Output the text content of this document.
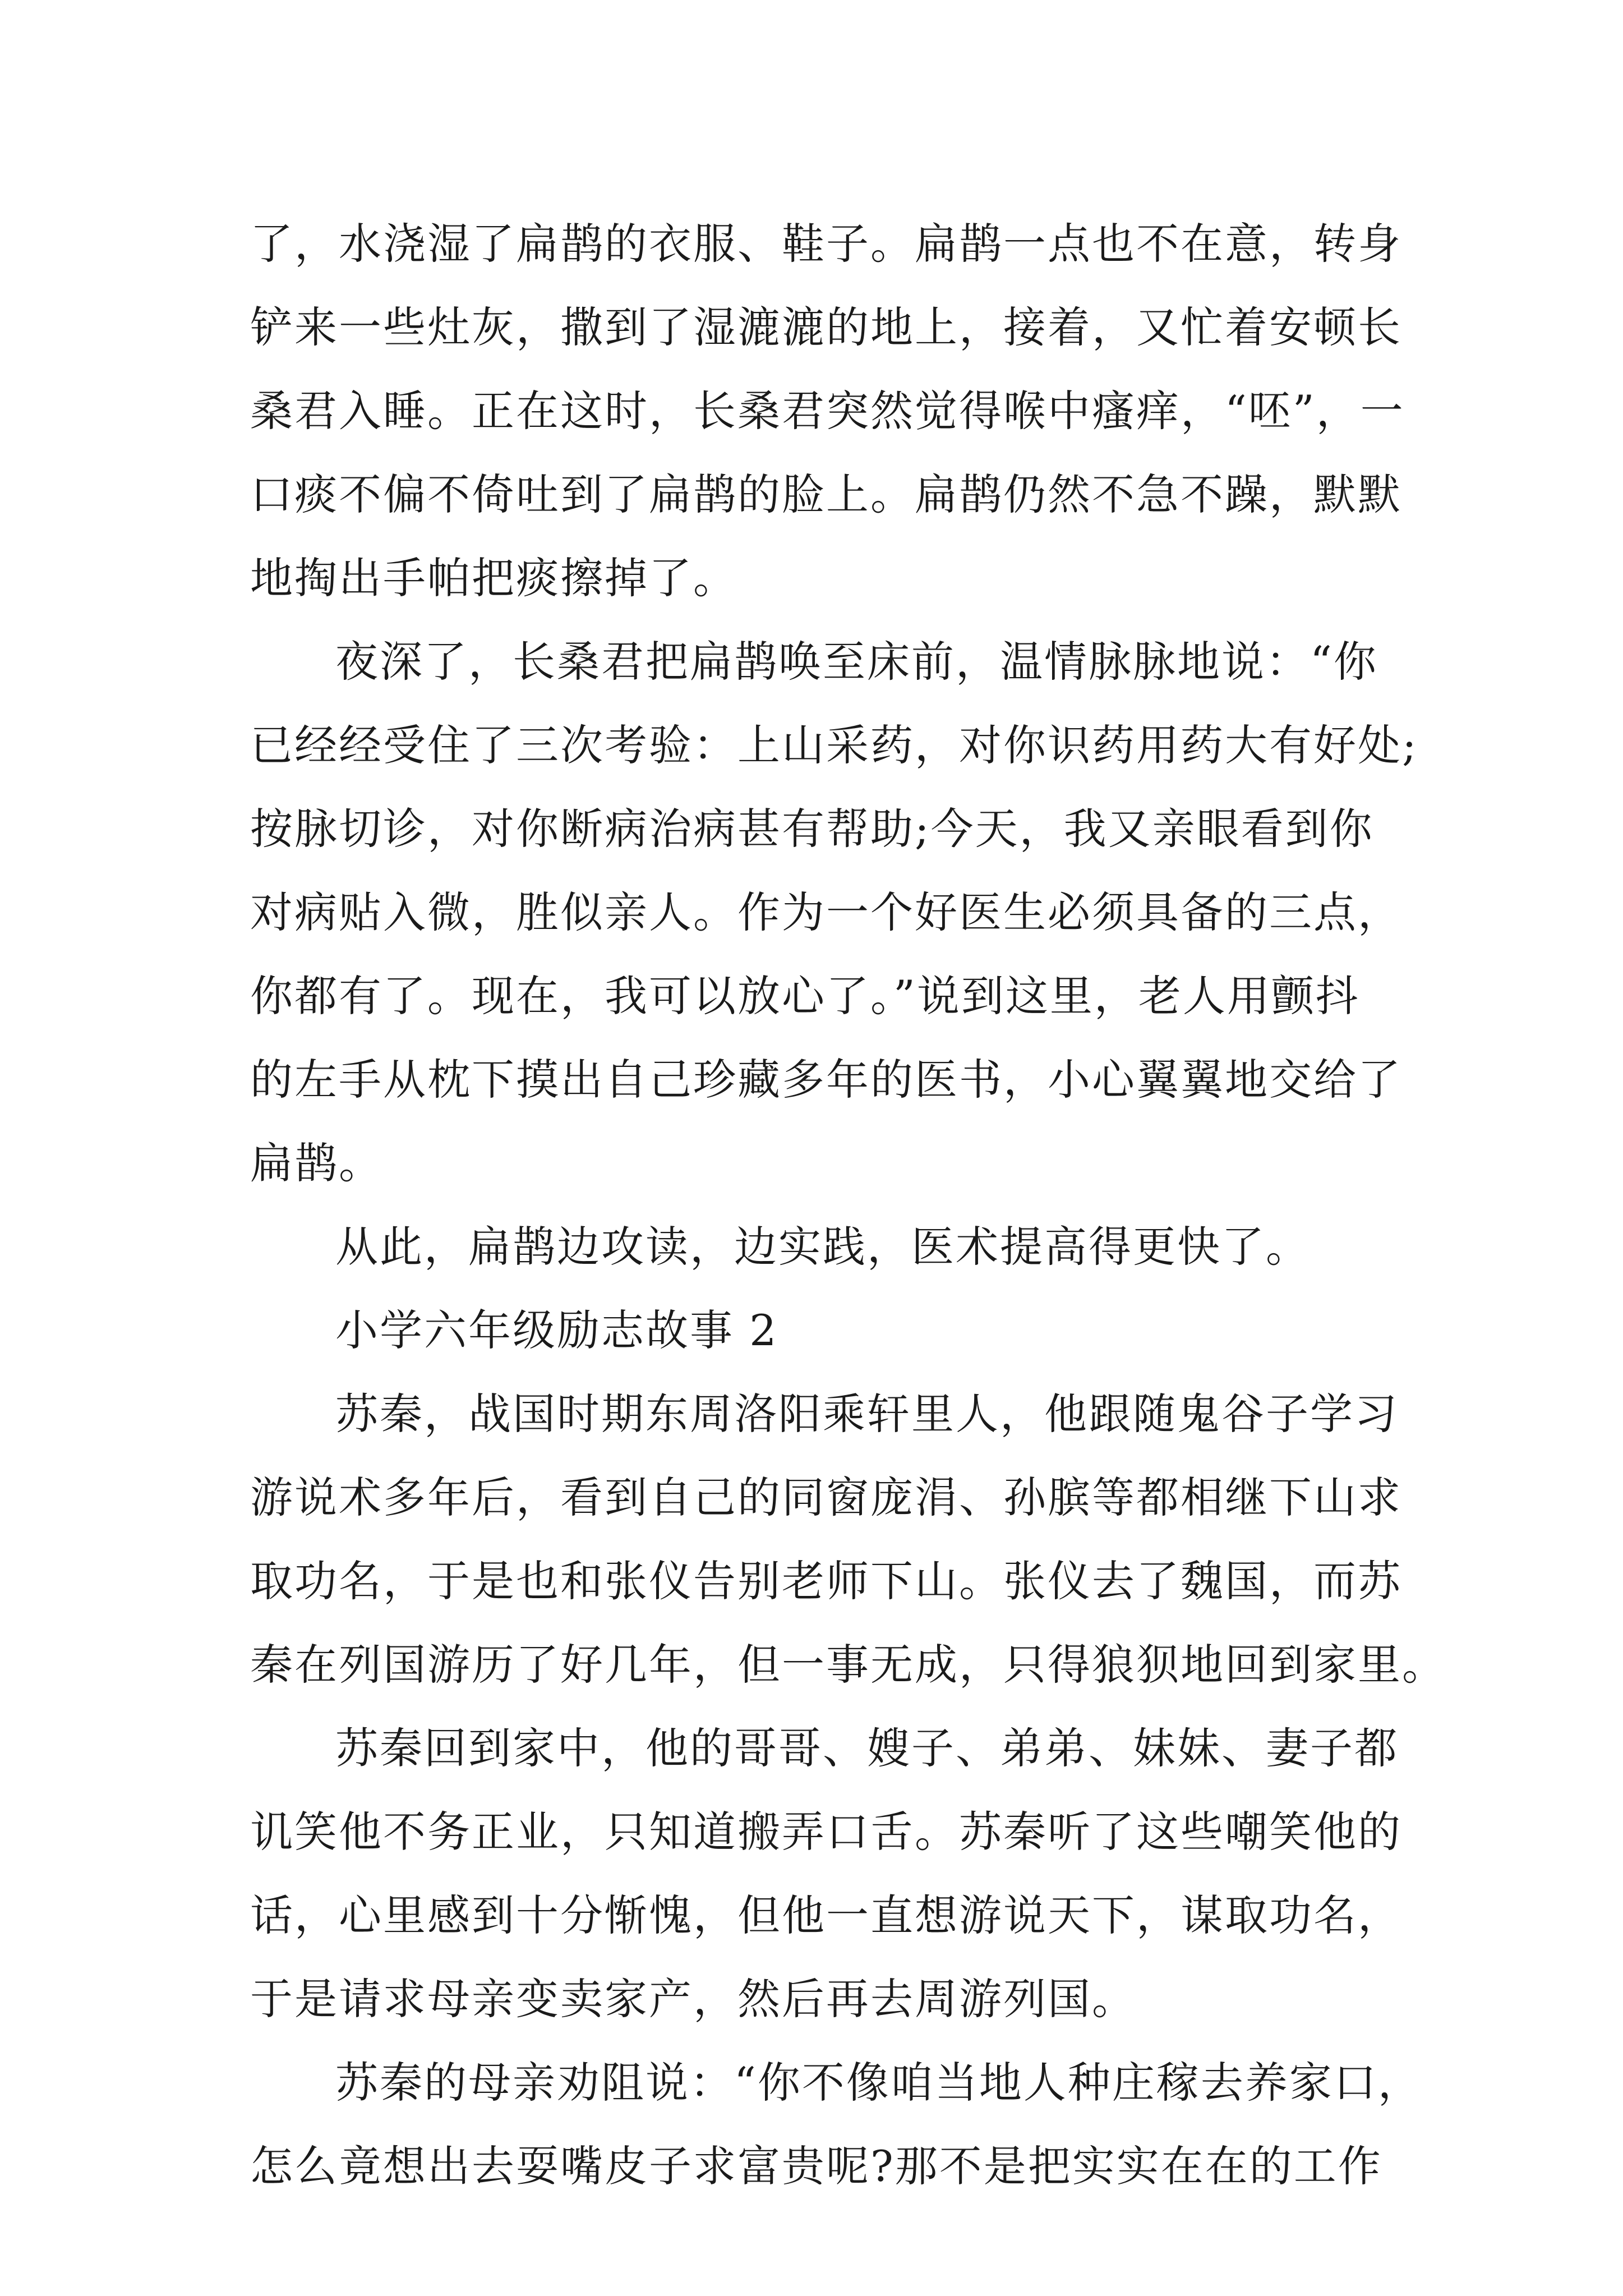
了，水浇湿了扁鹊的衣服、鞋子。扁鹊一点也不在意，转身
铲来一些灶灰，撒到了湿漉漉的地上，接着，又忙着安顿长
桑君入睡。正在这时，长桑君突然觉得喉中瘙痒，“呸”，一
口痰不偏不倚吐到了扁鹊的脸上。扁鹊仍然不急不躁，默默
地掏出手帕把痰擦掉了。
夜深了，长桑君把扁鹊唤至床前，温情脉脉地说：“你
已经经受住了三次考验：上山采药，对你识药用药大有好处;
按脉切诊，对你断病治病甚有帮助;今天，我又亲眼看到你
对病贴入微，胜似亲人。作为一个好医生必须具备的三点，
你都有了。现在，我可以放心了。”说到这里，老人用颤抖
的左手从枕下摸出自己珍藏多年的医书，小心翼翼地交给了
扁鹊。
从此，扁鹊边攻读，边实践，医术提高得更快了。
小学六年级励志故事 2
苏秦，战国时期东周洛阳乘轩里人，他跟随鬼谷子学习
游说术多年后，看到自己的同窗庞涓、孙膑等都相继下山求
取功名，于是也和张仪告别老师下山。张仪去了魏国，而苏
秦在列国游历了好几年，但一事无成，只得狼狈地回到家里。
苏秦回到家中，他的哥哥、嫂子、弟弟、妹妹、妻子都
讥笑他不务正业，只知道搬弄口舌。苏秦听了这些嘲笑他的
话，心里感到十分惭愧，但他一直想游说天下，谋取功名，
于是请求母亲变卖家产，然后再去周游列国。
苏秦的母亲劝阻说：“你不像咱当地人种庄稼去养家口，
怎么竟想出去耍嘴皮子求富贵呢?那不是把实实在在的工作
